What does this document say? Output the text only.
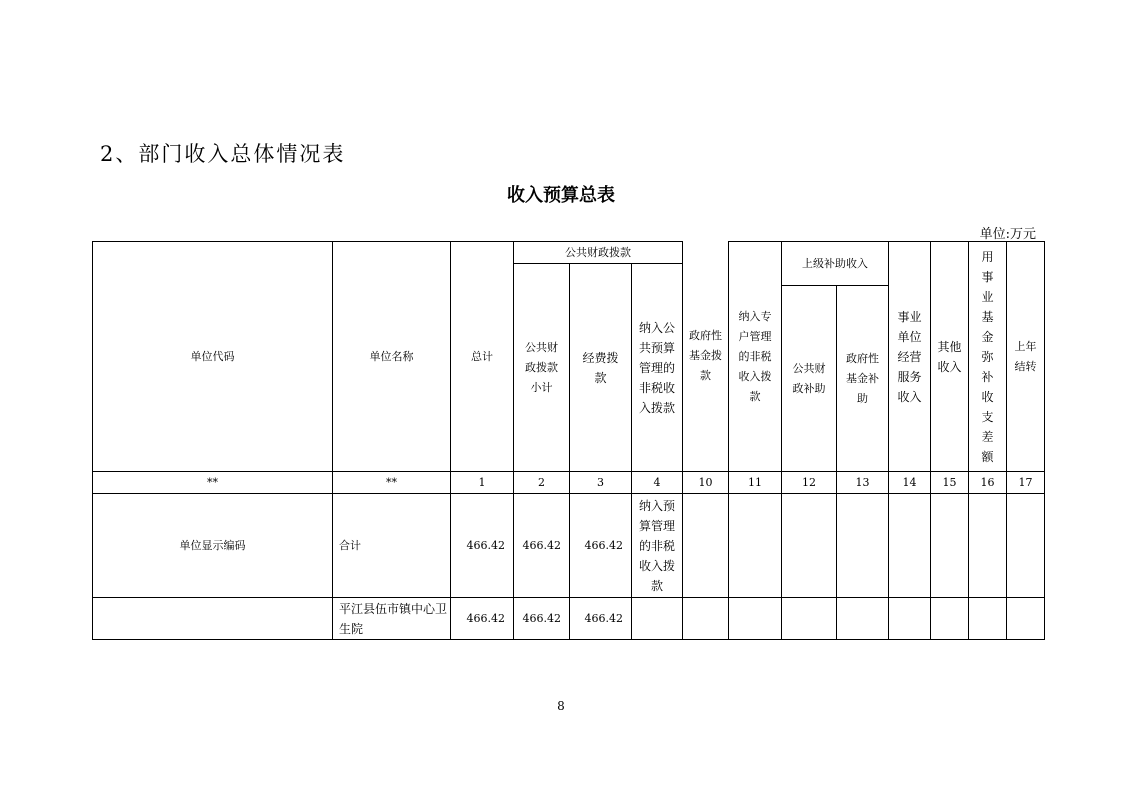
2、部门收入总体情况表
收入预算总表
单位:万元
单位代码	单位名称	总计	公共财政拨款			政府性基金拨款	纳入专户管理的非税收入拨款	上级补助收入		事业单位经营服务收入	其他收入	用事业基金弥补收支差额	上年结转
			公共财政拨款小计	经费拨款	纳入公共预算管理的非税收入拨款								
								公共财政补助	政府性基金补助				
**	**	1	2	3	4	10	11	12	13	14	15	16	17
单位显示编码	合计	466.42	466.42	466.42	纳入预算管理的非税收入拨款								
	平江县伍市镇中心卫生院	466.42	466.42	466.42									
8
